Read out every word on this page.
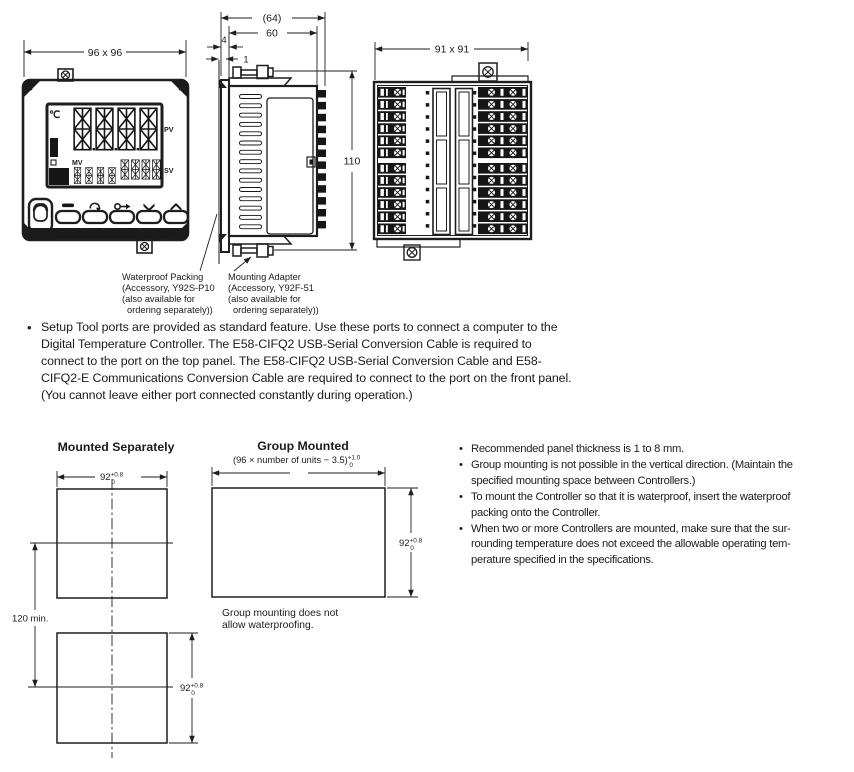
96 x 96
℃
PV
MV
SV
omron	E5AC
(64)
60
4
1
110
91 x 91
Waterproof Packing
(Accessory, Y92S-P10
(also available for
ordering separately))
Mounting Adapter
(Accessory, Y92F-51
(also available for
ordering separately))
• Setup Tool ports are provided as standard feature. Use these ports to connect a computer to the
Digital Temperature Controller. The E58-CIFQ2 USB-Serial Conversion Cable is required to
connect to the port on the top panel. The E58-CIFQ2 USB-Serial Conversion Cable and E58-
CIFQ2-E Communications Conversion Cable are required to connect to the port on the front panel.
(You cannot leave either port connected constantly during operation.)
Mounted Separately	Group Mounted
(96 × number of units − 3.5)$^{+1.0}$ 0
$92^{+0.8}$ 0
120 min.
$92^{+0.8}$ 0
$92^{+0.8}$ 0
Group mounting does not
allow waterproofing.
• Recommended panel thickness is 1 to 8 mm.
• Group mounting is not possible in the vertical direction. (Maintain the
specified mounting space between Controllers.)
• To mount the Controller so that it is waterproof, insert the waterproof
packing onto the Controller.
• When two or more Controllers are mounted, make sure that the sur-
rounding temperature does not exceed the allowable operating tem-
perature specified in the specifications.
